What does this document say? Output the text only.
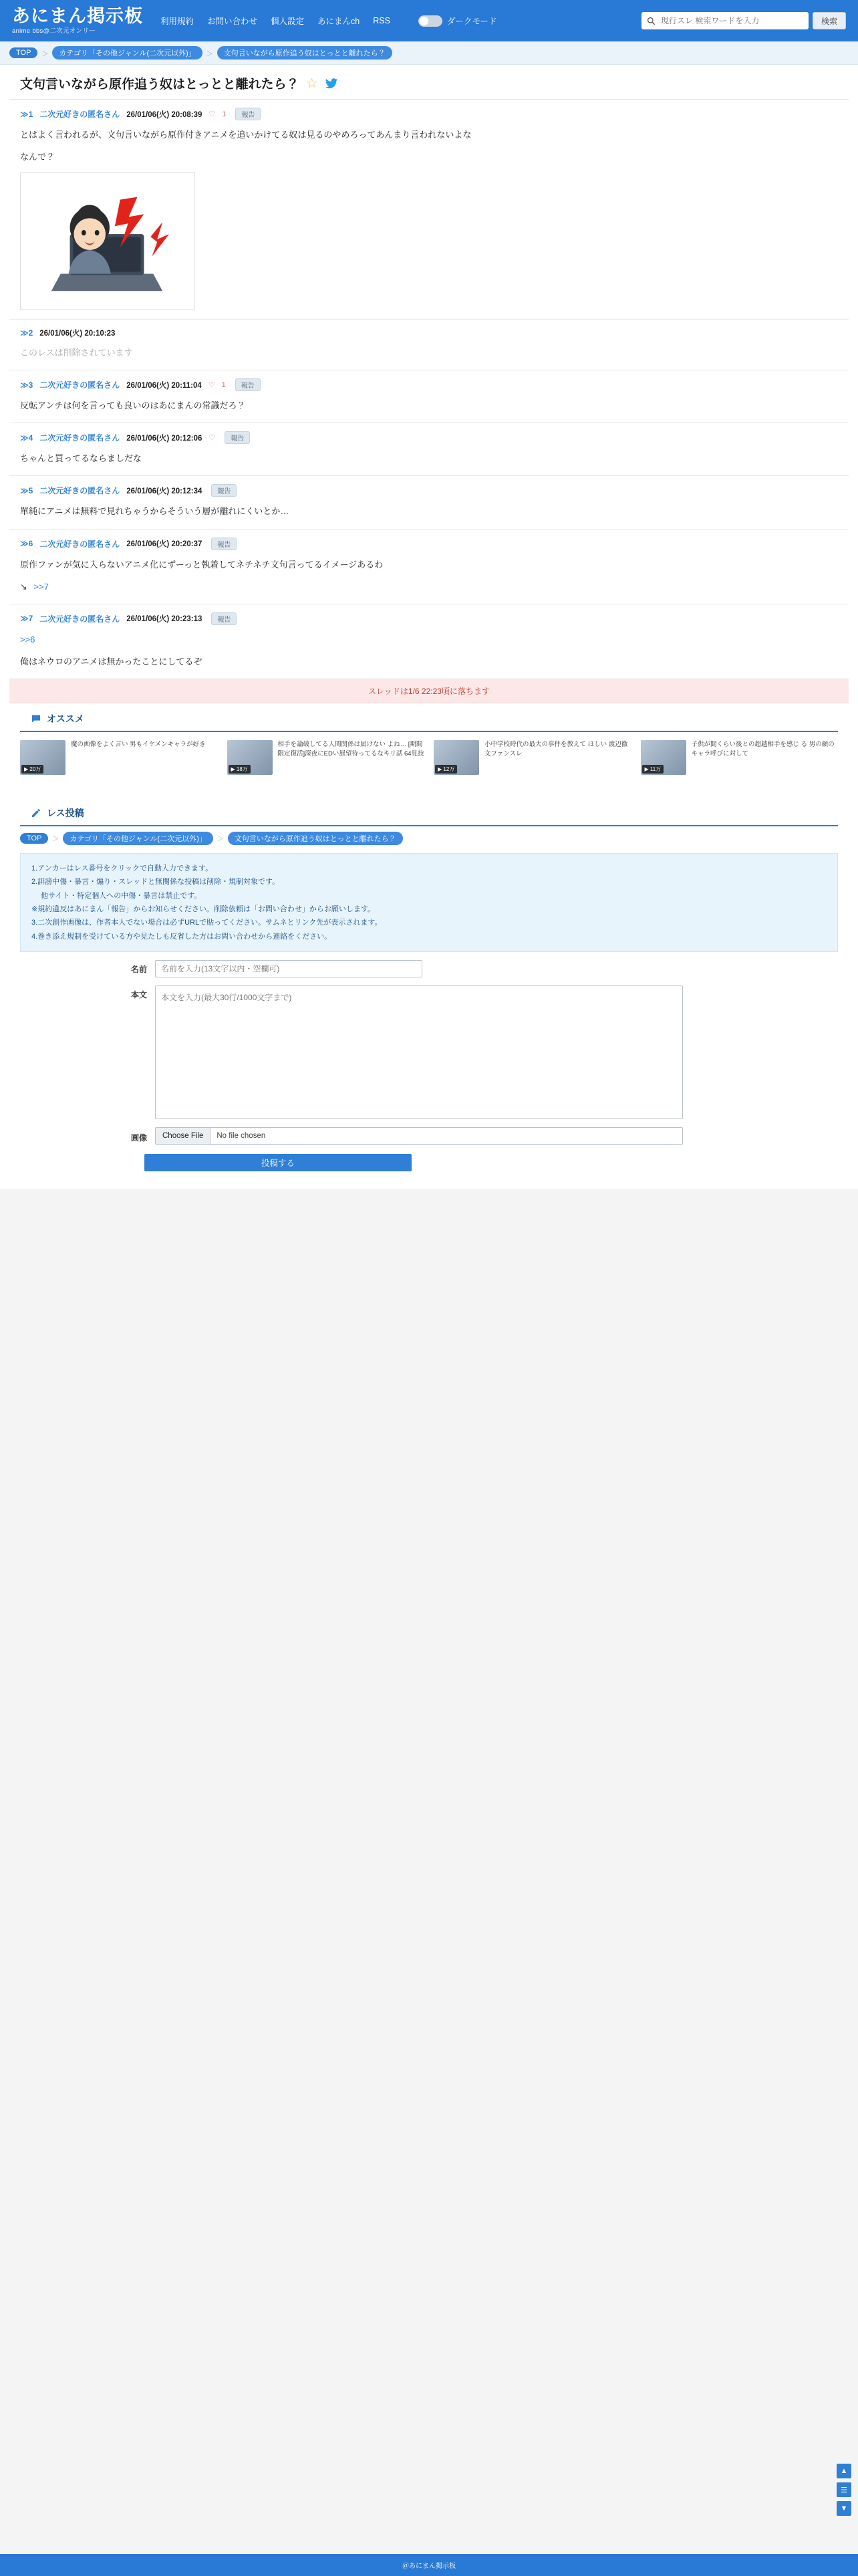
あにまん掲示板
anime bbs@二次元オンリー
利用規約 お問い合わせ 個人設定 あにまんch RSS	ダークモード
現行スレ 検索ワードを入力	検索
TOP	＞	カテゴリ「その他ジャンル(二次元以外)」	＞	文句言いながら原作追う奴はとっとと離れたら？
文句言いながら原作追う奴はとっとと離れたら？ ☆
≫1 二次元好きの匿名さん 26/01/06(火) 20:08:39 ♡ 1	報告
とはよく言われるが、文句言いながら原作付きアニメを追いかけてる奴は見るのやめろってあんまり言われないよな
なんで？
≫2 26/01/06(火) 20:10:23
このレスは削除されています
≫3 二次元好きの匿名さん 26/01/06(火) 20:11:04 ♡ 1	報告
反転アンチは何を言っても良いのはあにまんの常識だろ？
≫4 二次元好きの匿名さん 26/01/06(火) 20:12:06 ♡	報告
ちゃんと買ってるならましだな
≫5 二次元好きの匿名さん 26/01/06(火) 20:12:34	報告
單純にアニメは無料で見れちゃうからそういう層が離れにくいとか…
≫6 二次元好きの匿名さん 26/01/06(火) 20:20:37	報告
原作ファンが気に入らないアニメ化にずーっと執着してネチネチ文句言ってるイメージあるわ
↘ >>7
≫7 二次元好きの匿名さん 26/01/06(火) 20:23:13	報告
>>6
俺はネウロのアニメは無かったことにしてるぞ
スレッドは1/6 22:23頃に落ちます
オススメ
▶ 20万
魔の画像をよく言い 男もイケメンキャラが好き
▶ 18万
相手を論破してる人間関係は届けない よね… [期間限定復活]深夜にEDい展望待ってるなキリ話 64見技
▶ 12万
小中学校時代の最大の事件を教えて ほしい 渡辺徹文ファンスレ
▶ 11万
子供が聞くらい後との超越相手を感じ る 男の顔のキャラ呼びに対して
レス投稿
TOP	＞	カテゴリ「その他ジャンル(二次元以外)」	＞	文句言いながら原作追う奴はとっとと離れたら？
1.アンカーはレス番号をクリックで自動入力できます。
2.誹謗中傷・暴言・煽り・スレッドと無関係な投稿は削除・規制対象です。
　 他サイト・特定個人への中傷・暴言は禁止です。
※規約違反はあにまん「報告」からお知らせください。削除依頼は「お問い合わせ」からお願いします。
3.二次創作画像は、作者本人でない場合は必ずURLで貼ってください。サムネとリンク先が表示されます。
4.巻き添え規制を受けている方や見たしも反省した方はお問い合わせから連絡をください。
名前
名前を入力(13文字以内・空欄可)
本文
本文を入力(最大30行/1000文字まで)
画像	Choose File	No file chosen
投稿する
▲
☰
▼
＠あにまん掲示板
